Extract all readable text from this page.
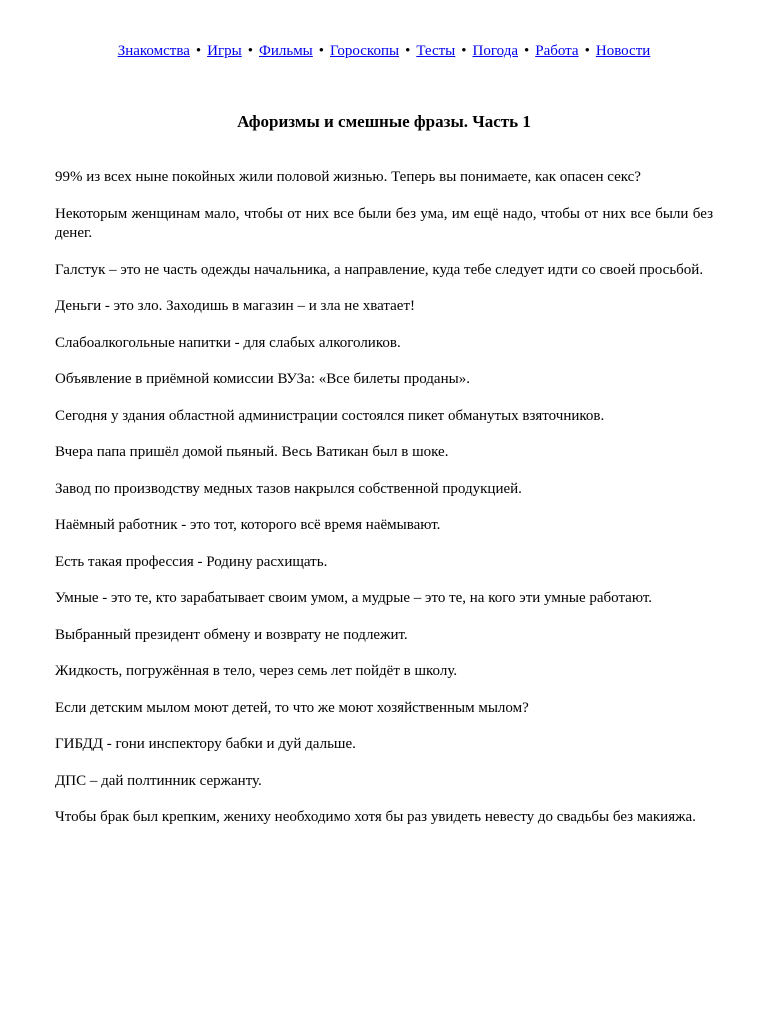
Знакомства • Игры • Фильмы • Гороскопы • Тесты • Погода • Работа • Новости
Афоризмы и смешные фразы. Часть 1

99% из всех ныне покойных жили половой жизнью. Теперь вы понимаете, как опасен секс?

Некоторым женщинам мало, чтобы от них все были без ума, им ещё надо, чтобы от них все были без денег.

Галстук – это не часть одежды начальника, а направление, куда тебе следует идти со своей просьбой.

Деньги - это зло. Заходишь в магазин – и зла не хватает!

Слабоалкогольные напитки - для слабых алкоголиков.

Объявление в приёмной комиссии ВУЗа: «Все билеты проданы».

Сегодня у здания областной администрации состоялся пикет обманутых взяточников.

Вчера папа пришёл домой пьяный. Весь Ватикан был в шоке.

Завод по производству медных тазов накрылся собственной продукцией.

Наёмный работник - это тот, которого всё время наёмывают.

Есть такая профессия - Родину расхищать.

Умные - это те, кто зарабатывает своим умом, а мудрые – это те, на кого эти умные работают.

Выбранный президент обмену и возврату не подлежит.

Жидкость, погружённая в тело, через семь лет пойдёт в школу.

Если детским мылом моют детей, то что же моют хозяйственным мылом?

ГИБДД - гони инспектору бабки и дуй дальше.

ДПС – дай полтинник сержанту.

Чтобы брак был крепким, жениху необходимо хотя бы раз увидеть невесту до свадьбы без макияжа.
